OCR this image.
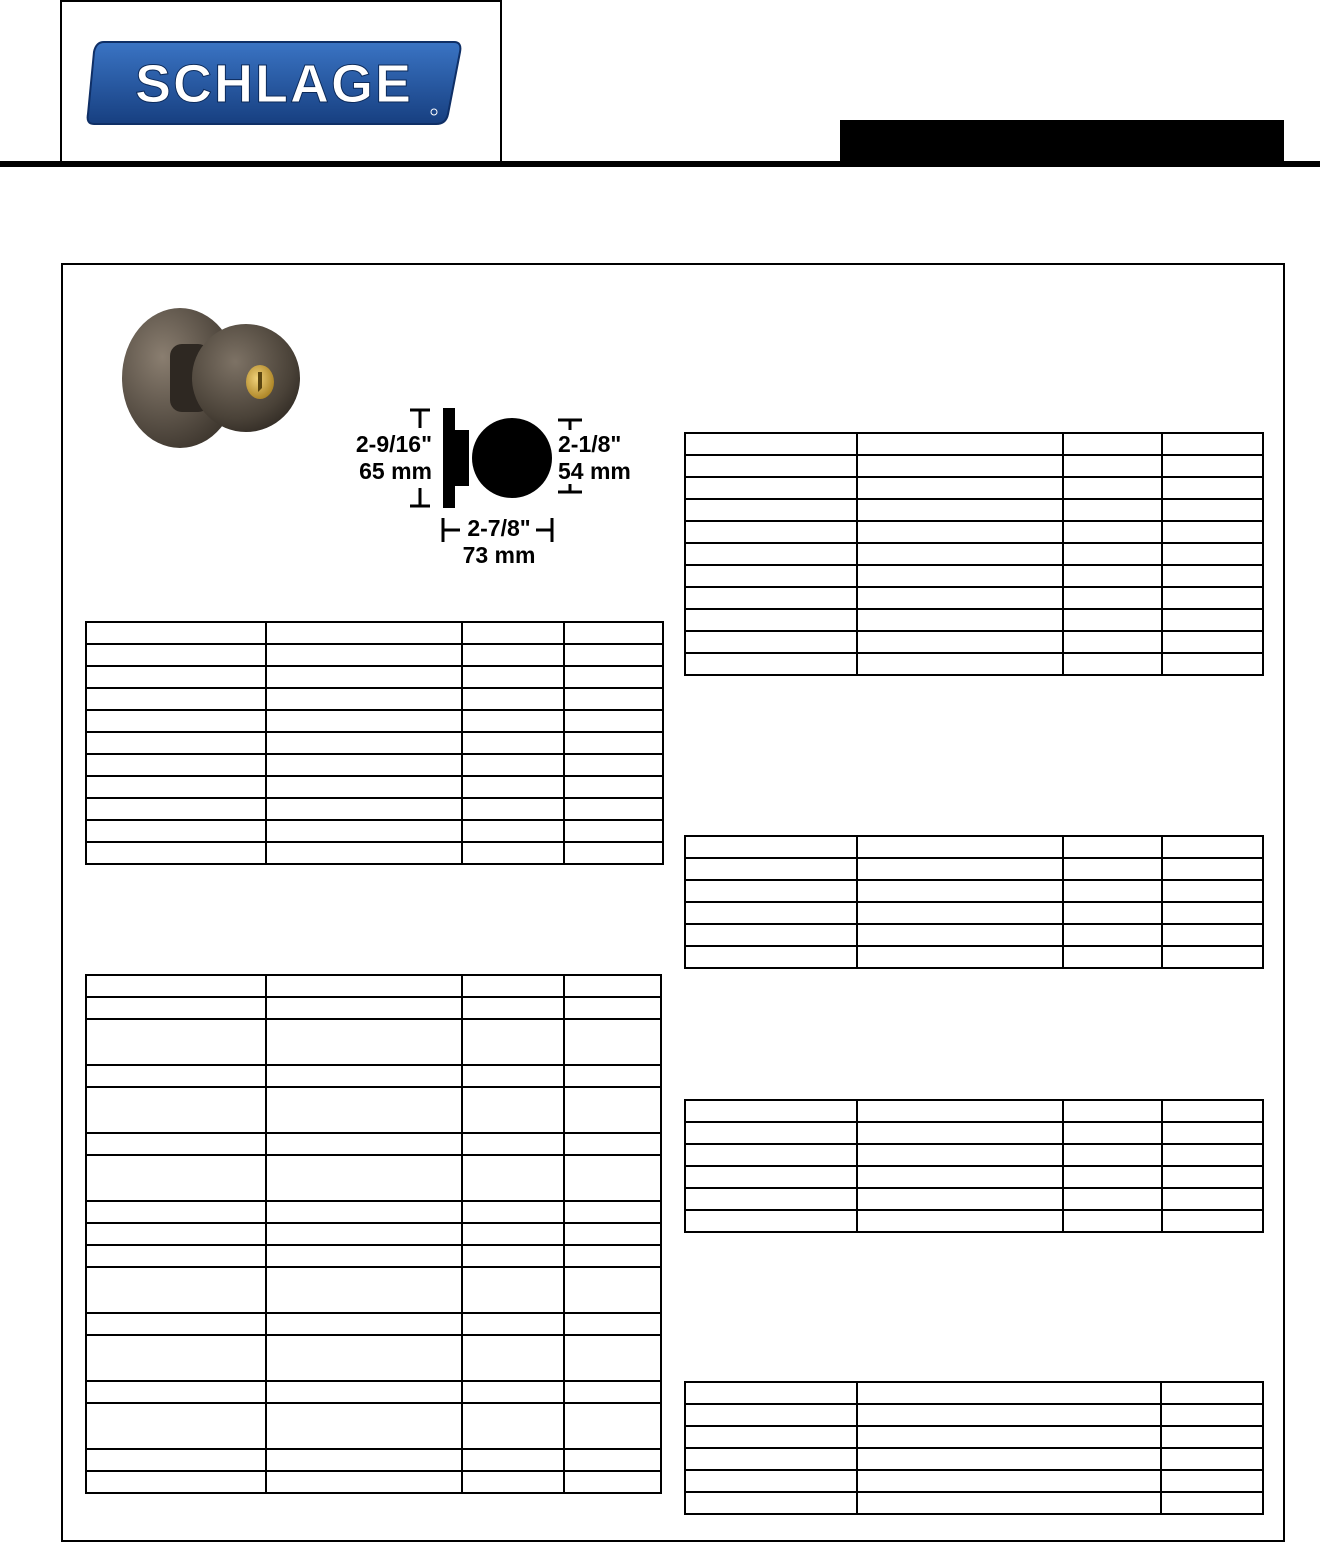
SCHLAGE
2-9/16"
65 mm
2-1/8"
54 mm
2-7/8"
73 mm
